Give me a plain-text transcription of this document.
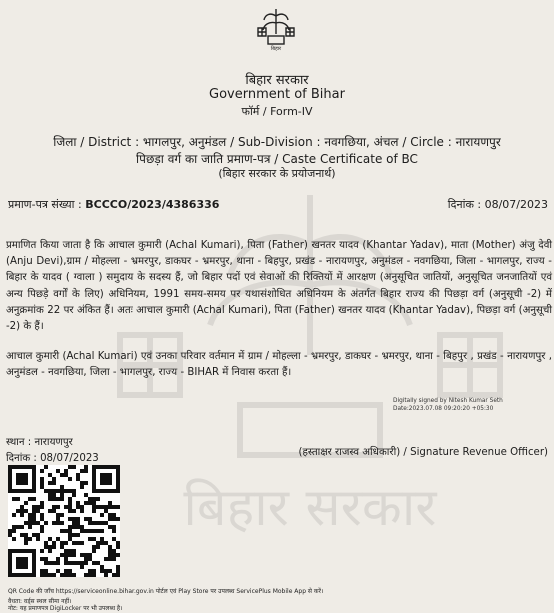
बिहार सरकार
बिहार
बिहार सरकार
Government of Bihar
फॉर्म / Form-IV
जिला / District : भागलपुर, अनुमंडल / Sub-Division : नवगछिया, अंचल / Circle : नारायणपुर
पिछड़ा वर्ग का जाति प्रमाण-पत्र / Caste Certificate of BC
(बिहार सरकार के प्रयोजनार्थ)
प्रमाण-पत्र संख्या : BCCCO/2023/4386336	दिनांक : 08/07/2023
प्रमाणित किया जाता है कि आचाल कुमारी (Achal Kumari), पिता (Father) खनतर यादव (Khantar Yadav), माता (Mother) अंजु देवी (Anju Devi),ग्राम / मोहल्ला - भ्रमरपुर, डाकघर - भ्रमरपुर, थाना - बिहपुर, प्रखंड - नारायणपुर, अनुमंडल - नवगछिया, जिला - भागलपुर, राज्य - बिहार के यादव ( ग्वाला ) समुदाय के सदस्य हैं, जो बिहार पदों एवं सेवाओं की रिक्तियों में आरक्षण (अनुसूचित जातियों, अनुसूचित जनजातियों एवं अन्य पिछड़े वर्गों के लिए) अधिनियम, 1991 समय-समय पर यथासंशोधित अधिनियम के अंतर्गत बिहार राज्य की पिछड़ा वर्ग (अनुसूची -2) में अनुक्रमांक 22 पर अंकित हैं। अतः आचाल कुमारी (Achal Kumari), पिता (Father) खनतर यादव (Khantar Yadav), पिछड़ा वर्ग (अनुसूची -2) के हैं।
आचाल कुमारी (Achal Kumari) एवं उनका परिवार वर्तमान में ग्राम / मोहल्ला - भ्रमरपुर, डाकघर - भ्रमरपुर, थाना - बिहपुर , प्रखंड - नारायणपुर , अनुमंडल - नवगछिया, जिला - भागलपुर, राज्य - BIHAR में निवास करता हैं।
Digitally signed by Nitesh Kumar Seth
Date:2023.07.08 09:20:20 +05:30
स्थान : नारायणपुर
दिनांक : 08/07/2023
(हस्ताक्षर राजस्व अधिकारी) / Signature Revenue Officer)
QR Code की जाँच https://serviceonline.bihar.gov.in पोर्टल एवं Play Store पर उपलब्ध ServicePlus Mobile App से करें।
वैधता: वर्ड्स स्थल सीमा नहीं।
नोट: यह प्रमाणपत्र DigiLocker पर भी उपलब्ध है।
